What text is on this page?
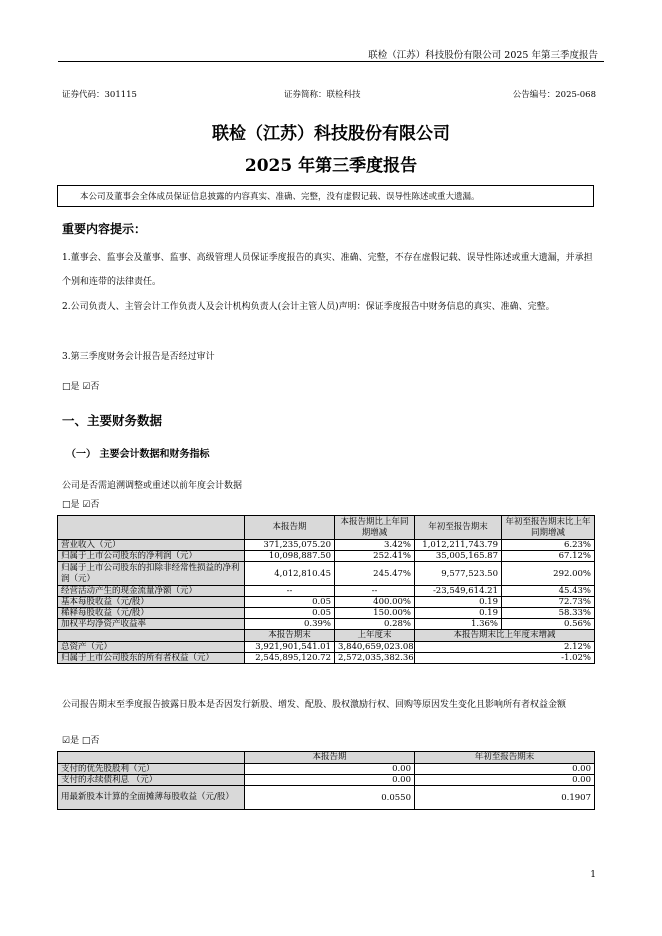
联检（江苏）科技股份有限公司 2025 年第三季度报告
证券代码：301115	证券简称：联检科技	公告编号：2025-068
联检（江苏）科技股份有限公司
2025 年第三季度报告
本公司及董事会全体成员保证信息披露的内容真实、准确、完整，没有虚假记载、误导性陈述或重大遗漏。
重要内容提示：
1.董事会、监事会及董事、监事、高级管理人员保证季度报告的真实、准确、完整，不存在虚假记载、误导性陈述或重大遗漏，并承担个别和连带的法律责任。
2.公司负责人、主管会计工作负责人及会计机构负责人(会计主管人员)声明：保证季度报告中财务信息的真实、准确、完整。
3.第三季度财务会计报告是否经过审计
□是 ☑否
一、主要财务数据
（一） 主要会计数据和财务指标
公司是否需追溯调整或重述以前年度会计数据
□是 ☑否
	本报告期	本报告期比上年同期增减	年初至报告期末	年初至报告期末比上年同期增减
营业收入（元）	371,235,075.20	3.42%	1,012,211,743.79	6.23%
归属于上市公司股东的净利润（元）	10,098,887.50	252.41%	35,005,165.87	67.12%
归属于上市公司股东的扣除非经常性损益的净利润（元）	4,012,810.45	245.47%	9,577,523.50	292.00%
经营活动产生的现金流量净额（元）	--	--	-23,549,614.21	45.43%
基本每股收益（元/股）	0.05	400.00%	0.19	72.73%
稀释每股收益（元/股）	0.05	150.00%	0.19	58.33%
加权平均净资产收益率	0.39%	0.28%	1.36%	0.56%
	本报告期末	上年度末	本报告期末比上年度末增减	
总资产（元）	3,921,901,541.01	3,840,659,023.08	2.12%	
归属于上市公司股东的所有者权益（元）	2,545,895,120.72	2,572,035,382.36	-1.02%	
公司报告期末至季度报告披露日股本是否因发行新股、增发、配股、股权激励行权、回购等原因发生变化且影响所有者权益金额
☑是 □否
	本报告期	年初至报告期末
支付的优先股股利（元）	0.00	0.00
支付的永续债利息 （元）	0.00	0.00
用最新股本计算的全面摊薄每股收益（元/股）	0.0550	0.1907
1
